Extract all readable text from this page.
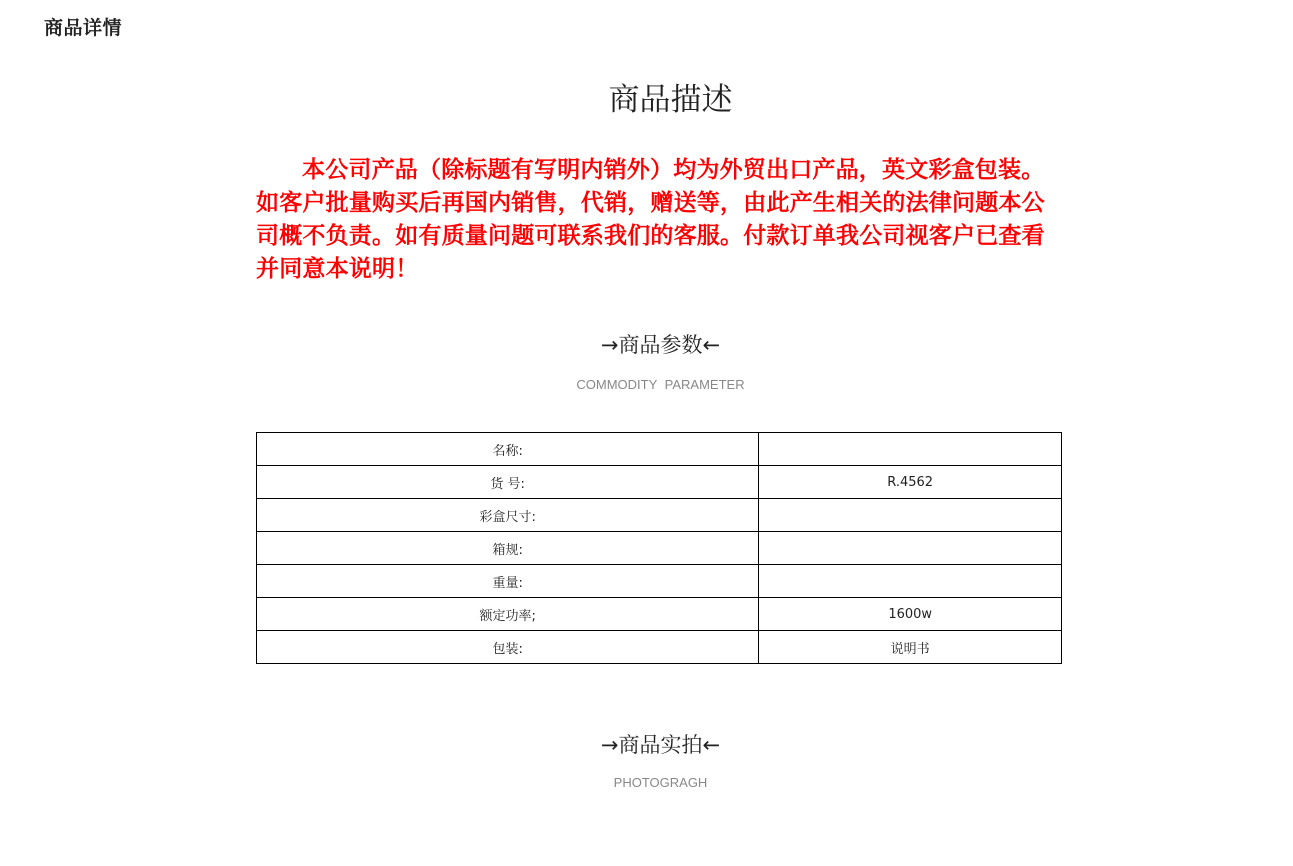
商品详情
商品描述
本公司产品（除标题有写明内销外）均为外贸出口产品，英文彩盒包装。如客户批量购买后再国内销售，代销，赠送等，由此产生相关的法律问题本公司概不负责。如有质量问题可联系我们的客服。付款订单我公司视客户已查看并同意本说明！
→商品参数←
COMMODITY PARAMETER
名称:	
货 号:	R.4562
彩盒尺寸:	
箱规:	
重量:	
额定功率;	1600w
包装:	说明书
→商品实拍←
PHOTOGRAGH
